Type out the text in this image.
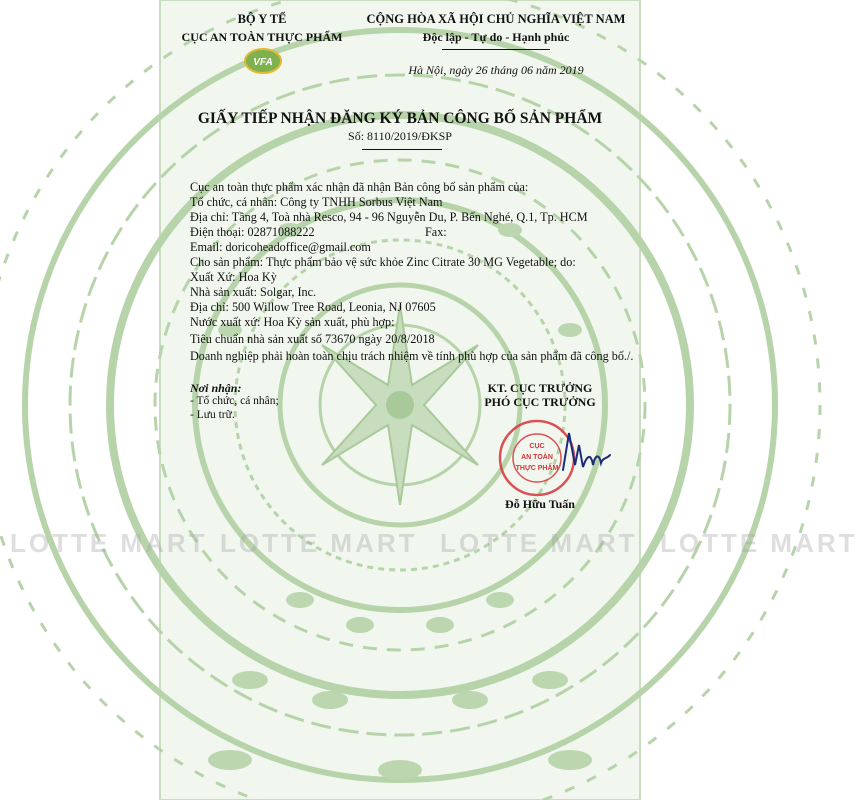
BỘ Y TẾ
CỤC AN TOÀN THỰC PHẨM
VFA
CỘNG HÒA XÃ HỘI CHỦ NGHĨA VIỆT NAM
Độc lập - Tự do - Hạnh phúc
Hà Nội, ngày 26 tháng 06 năm 2019
GIẤY TIẾP NHẬN ĐĂNG KÝ BẢN CÔNG BỐ SẢN PHẨM
Số: 8110/2019/ĐKSP
Cục an toàn thực phẩm xác nhận đã nhận Bản công bố sản phẩm của:
Tổ chức, cá nhân: Công ty TNHH Sorbus Việt Nam
Địa chỉ: Tầng 4, Toà nhà Resco, 94 - 96 Nguyễn Du, P. Bến Nghé, Q.1, Tp. HCM
Điện thoại: 02871088222	Fax:
Email: doricoheadoffice@gmail.com
Cho sản phẩm: Thực phẩm bảo vệ sức khỏe Zinc Citrate 30 MG Vegetable; do:
Xuất Xứ: Hoa Kỳ
Nhà sản xuất: Solgar, Inc.
Địa chỉ: 500 Willow Tree Road, Leonia, NJ 07605
Nước xuất xứ: Hoa Kỳ sản xuất, phù hợp:
Tiêu chuẩn nhà sản xuất số 73670 ngày 20/8/2018
Doanh nghiệp phải hoàn toàn chịu trách nhiệm về tính phù hợp của sản phẩm đã công bố./.
Nơi nhận:
- Tổ chức, cá nhân;
- Lưu trữ.
KT. CỤC TRƯỞNG
PHÓ CỤC TRƯỞNG
CỤC
AN TOÀN
THỰC PHẨM
Đỗ Hữu Tuấn
LOTTE MART LOTTE MART LOTTE MART LOTTE MART
